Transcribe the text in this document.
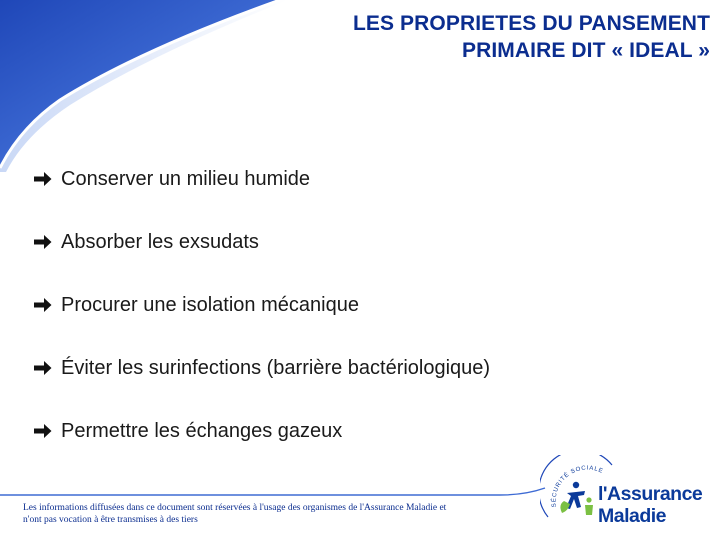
LES PROPRIETES DU PANSEMENT
PRIMAIRE DIT « IDEAL »
Conserver un milieu humide
Absorber les exsudats
Procurer une isolation mécanique
Éviter les surinfections (barrière bactériologique)
Permettre les échanges gazeux
Les informations diffusées dans ce document sont réservées à l'usage des organismes de l'Assurance Maladie et
n'ont pas vocation à être transmises à des tiers
SÉCURITÉ SOCIALE
l'Assurance
Maladie
